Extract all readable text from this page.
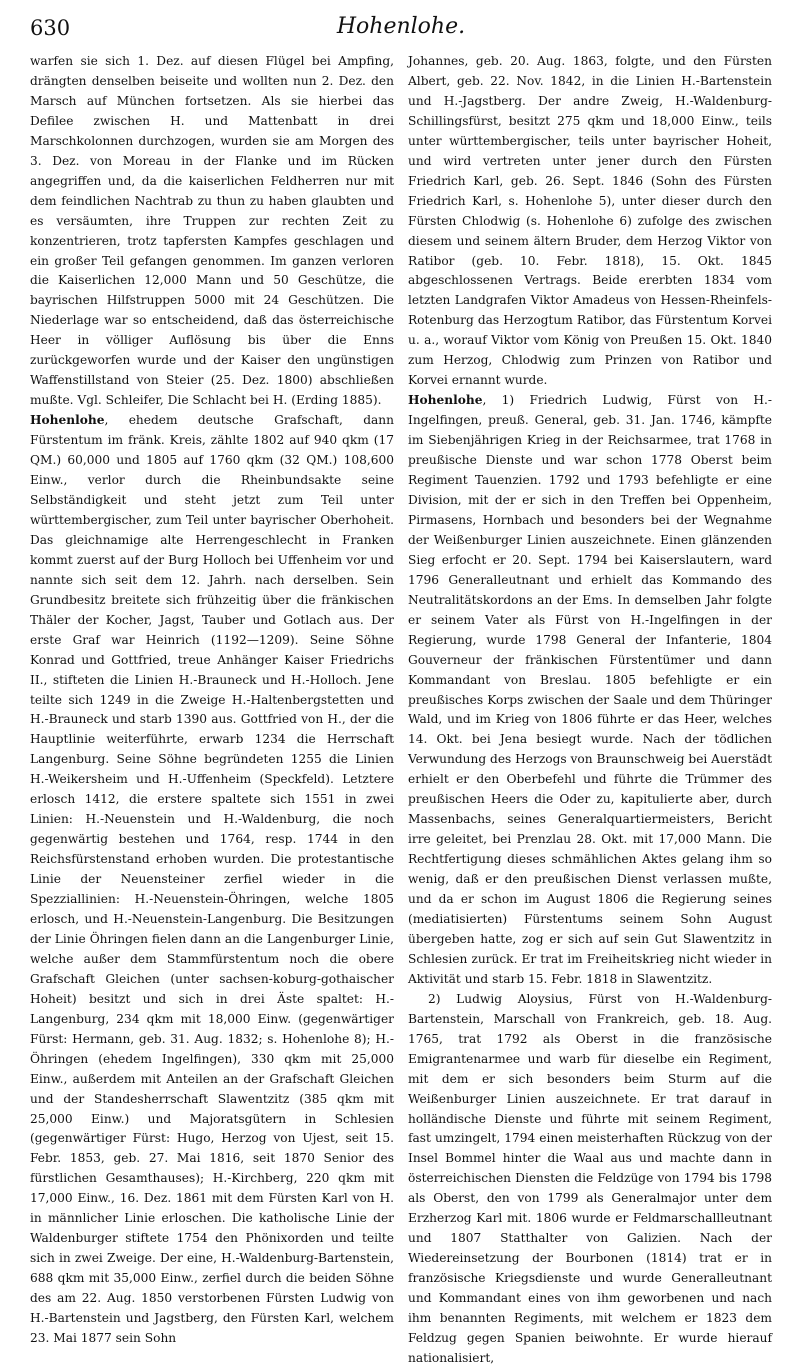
630	Hohenlohe.

warfen sie sich 1. Dez. auf diesen Flügel bei Ampfing, drängten denselben beiseite und wollten nun 2. Dez. den Marsch auf München fortsetzen. Als sie hierbei das Defilee zwischen H. und Mattenbatt in drei Marschkolonnen durchzogen, wurden sie am Morgen des 3. Dez. von Moreau in der Flanke und im Rücken angegriffen und, da die kaiserlichen Feldherren nur mit dem feindlichen Nachtrab zu thun zu haben glaubten und es versäumten, ihre Truppen zur rechten Zeit zu konzentrieren, trotz tapfersten Kampfes geschlagen und ein großer Teil gefangen genommen. Im ganzen verloren die Kaiserlichen 12,000 Mann und 50 Geschütze, die bayrischen Hilfstruppen 5000 mit 24 Geschützen. Die Niederlage war so entscheidend, daß das österreichische Heer in völliger Auflösung bis über die Enns zurückgeworfen wurde und der Kaiser den ungünstigen Waffenstillstand von Steier (25. Dez. 1800) abschließen mußte. Vgl. Schleifer, Die Schlacht bei H. (Erding 1885).

Hohenlohe, ehedem deutsche Grafschaft, dann Fürstentum im fränk. Kreis, zählte 1802 auf 940 qkm (17 QM.) 60,000 und 1805 auf 1760 qkm (32 QM.) 108,600 Einw., verlor durch die Rheinbundsakte seine Selbständigkeit und steht jetzt zum Teil unter württembergischer, zum Teil unter bayrischer Oberhoheit. Das gleichnamige alte Herrengeschlecht in Franken kommt zuerst auf der Burg Holloch bei Uffenheim vor und nannte sich seit dem 12. Jahrh. nach derselben. Sein Grundbesitz breitete sich frühzeitig über die fränkischen Thäler der Kocher, Jagst, Tauber und Gotlach aus. Der erste Graf war Heinrich (1192—1209). Seine Söhne Konrad und Gottfried, treue Anhänger Kaiser Friedrichs II., stifteten die Linien H.-Brauneck und H.-Holloch. Jene teilte sich 1249 in die Zweige H.-Haltenbergstetten und H.-Brauneck und starb 1390 aus. Gottfried von H., der die Hauptlinie weiterführte, erwarb 1234 die Herrschaft Langenburg. Seine Söhne begründeten 1255 die Linien H.-Weikersheim und H.-Uffenheim (Speckfeld). Letztere erlosch 1412, die erstere spaltete sich 1551 in zwei Linien: H.-Neuenstein und H.-Waldenburg, die noch gegenwärtig bestehen und 1764, resp. 1744 in den Reichsfürstenstand erhoben wurden. Die protestantische Linie der Neuensteiner zerfiel wieder in die Spezziallinien: H.-Neuenstein-Öhringen, welche 1805 erlosch, und H.-Neuenstein-Langenburg. Die Besitzungen der Linie Öhringen fielen dann an die Langenburger Linie, welche außer dem Stammfürstentum noch die obere Grafschaft Gleichen (unter sachsen-koburg-gothaischer Hoheit) besitzt und sich in drei Äste spaltet: H.-Langenburg, 234 qkm mit 18,000 Einw. (gegenwärtiger Fürst: Hermann, geb. 31. Aug. 1832; s. Hohenlohe 8); H.-Öhringen (ehedem Ingelfingen), 330 qkm mit 25,000 Einw., außerdem mit Anteilen an der Grafschaft Gleichen und der Standesherrschaft Slawentzitz (385 qkm mit 25,000 Einw.) und Majoratsgütern in Schlesien (gegenwärtiger Fürst: Hugo, Herzog von Ujest, seit 15. Febr. 1853, geb. 27. Mai 1816, seit 1870 Senior des fürstlichen Gesamthauses); H.-Kirchberg, 220 qkm mit 17,000 Einw., 16. Dez. 1861 mit dem Fürsten Karl von H. in männlicher Linie erloschen. Die katholische Linie der Waldenburger stiftete 1754 den Phönixorden und teilte sich in zwei Zweige. Der eine, H.-Waldenburg-Bartenstein, 688 qkm mit 35,000 Einw., zerfiel durch die beiden Söhne des am 22. Aug. 1850 verstorbenen Fürsten Ludwig von H.-Bartenstein und Jagstberg, den Fürsten Karl, welchem 23. Mai 1877 sein Sohn

Johannes, geb. 20. Aug. 1863, folgte, und den Fürsten Albert, geb. 22. Nov. 1842, in die Linien H.-Bartenstein und H.-Jagstberg. Der andre Zweig, H.-Waldenburg-Schillingsfürst, besitzt 275 qkm und 18,000 Einw., teils unter württembergischer, teils unter bayrischer Hoheit, und wird vertreten unter jener durch den Fürsten Friedrich Karl, geb. 26. Sept. 1846 (Sohn des Fürsten Friedrich Karl, s. Hohenlohe 5), unter dieser durch den Fürsten Chlodwig (s. Hohenlohe 6) zufolge des zwischen diesem und seinem ältern Bruder, dem Herzog Viktor von Ratibor (geb. 10. Febr. 1818), 15. Okt. 1845 abgeschlossenen Vertrags. Beide ererbten 1834 vom letzten Landgrafen Viktor Amadeus von Hessen-Rheinfels-Rotenburg das Herzogtum Ratibor, das Fürstentum Korvei u. a., worauf Viktor vom König von Preußen 15. Okt. 1840 zum Herzog, Chlodwig zum Prinzen von Ratibor und Korvei ernannt wurde.

Hohenlohe, 1) Friedrich Ludwig, Fürst von H.-Ingelfingen, preuß. General, geb. 31. Jan. 1746, kämpfte im Siebenjährigen Krieg in der Reichsarmee, trat 1768 in preußische Dienste und war schon 1778 Oberst beim Regiment Tauenzien. 1792 und 1793 befehligte er eine Division, mit der er sich in den Treffen bei Oppenheim, Pirmasens, Hornbach und besonders bei der Wegnahme der Weißenburger Linien auszeichnete. Einen glänzenden Sieg erfocht er 20. Sept. 1794 bei Kaiserslautern, ward 1796 Generalleutnant und erhielt das Kommando des Neutralitätskordons an der Ems. In demselben Jahr folgte er seinem Vater als Fürst von H.-Ingelfingen in der Regierung, wurde 1798 General der Infanterie, 1804 Gouverneur der fränkischen Fürstentümer und dann Kommandant von Breslau. 1805 befehligte er ein preußisches Korps zwischen der Saale und dem Thüringer Wald, und im Krieg von 1806 führte er das Heer, welches 14. Okt. bei Jena besiegt wurde. Nach der tödlichen Verwundung des Herzogs von Braunschweig bei Auerstädt erhielt er den Oberbefehl und führte die Trümmer des preußischen Heers die Oder zu, kapitulierte aber, durch Massenbachs, seines Generalquartiermeisters, Bericht irre geleitet, bei Prenzlau 28. Okt. mit 17,000 Mann. Die Rechtfertigung dieses schmählichen Aktes gelang ihm so wenig, daß er den preußischen Dienst verlassen mußte, und da er schon im August 1806 die Regierung seines (mediatisierten) Fürstentums seinem Sohn August übergeben hatte, zog er sich auf sein Gut Slawentzitz in Schlesien zurück. Er trat im Freiheitskrieg nicht wieder in Aktivität und starb 15. Febr. 1818 in Slawentzitz.

2) Ludwig Aloysius, Fürst von H.-Waldenburg-Bartenstein, Marschall von Frankreich, geb. 18. Aug. 1765, trat 1792 als Oberst in die französische Emigrantenarmee und warb für dieselbe ein Regiment, mit dem er sich besonders beim Sturm auf die Weißenburger Linien auszeichnete. Er trat darauf in holländische Dienste und führte mit seinem Regiment, fast umzingelt, 1794 einen meisterhaften Rückzug von der Insel Bommel hinter die Waal aus und machte dann in österreichischen Diensten die Feldzüge von 1794 bis 1798 als Oberst, den von 1799 als Generalmajor unter dem Erzherzog Karl mit. 1806 wurde er Feldmarschallleutnant und 1807 Statthalter von Galizien. Nach der Wiedereinsetzung der Bourbonen (1814) trat er in französische Kriegsdienste und wurde Generalleutnant und Kommandant eines von ihm geworbenen und nach ihm benannten Regiments, mit welchem er 1823 dem Feldzug gegen Spanien beiwohnte. Er wurde hierauf nationalisiert,
